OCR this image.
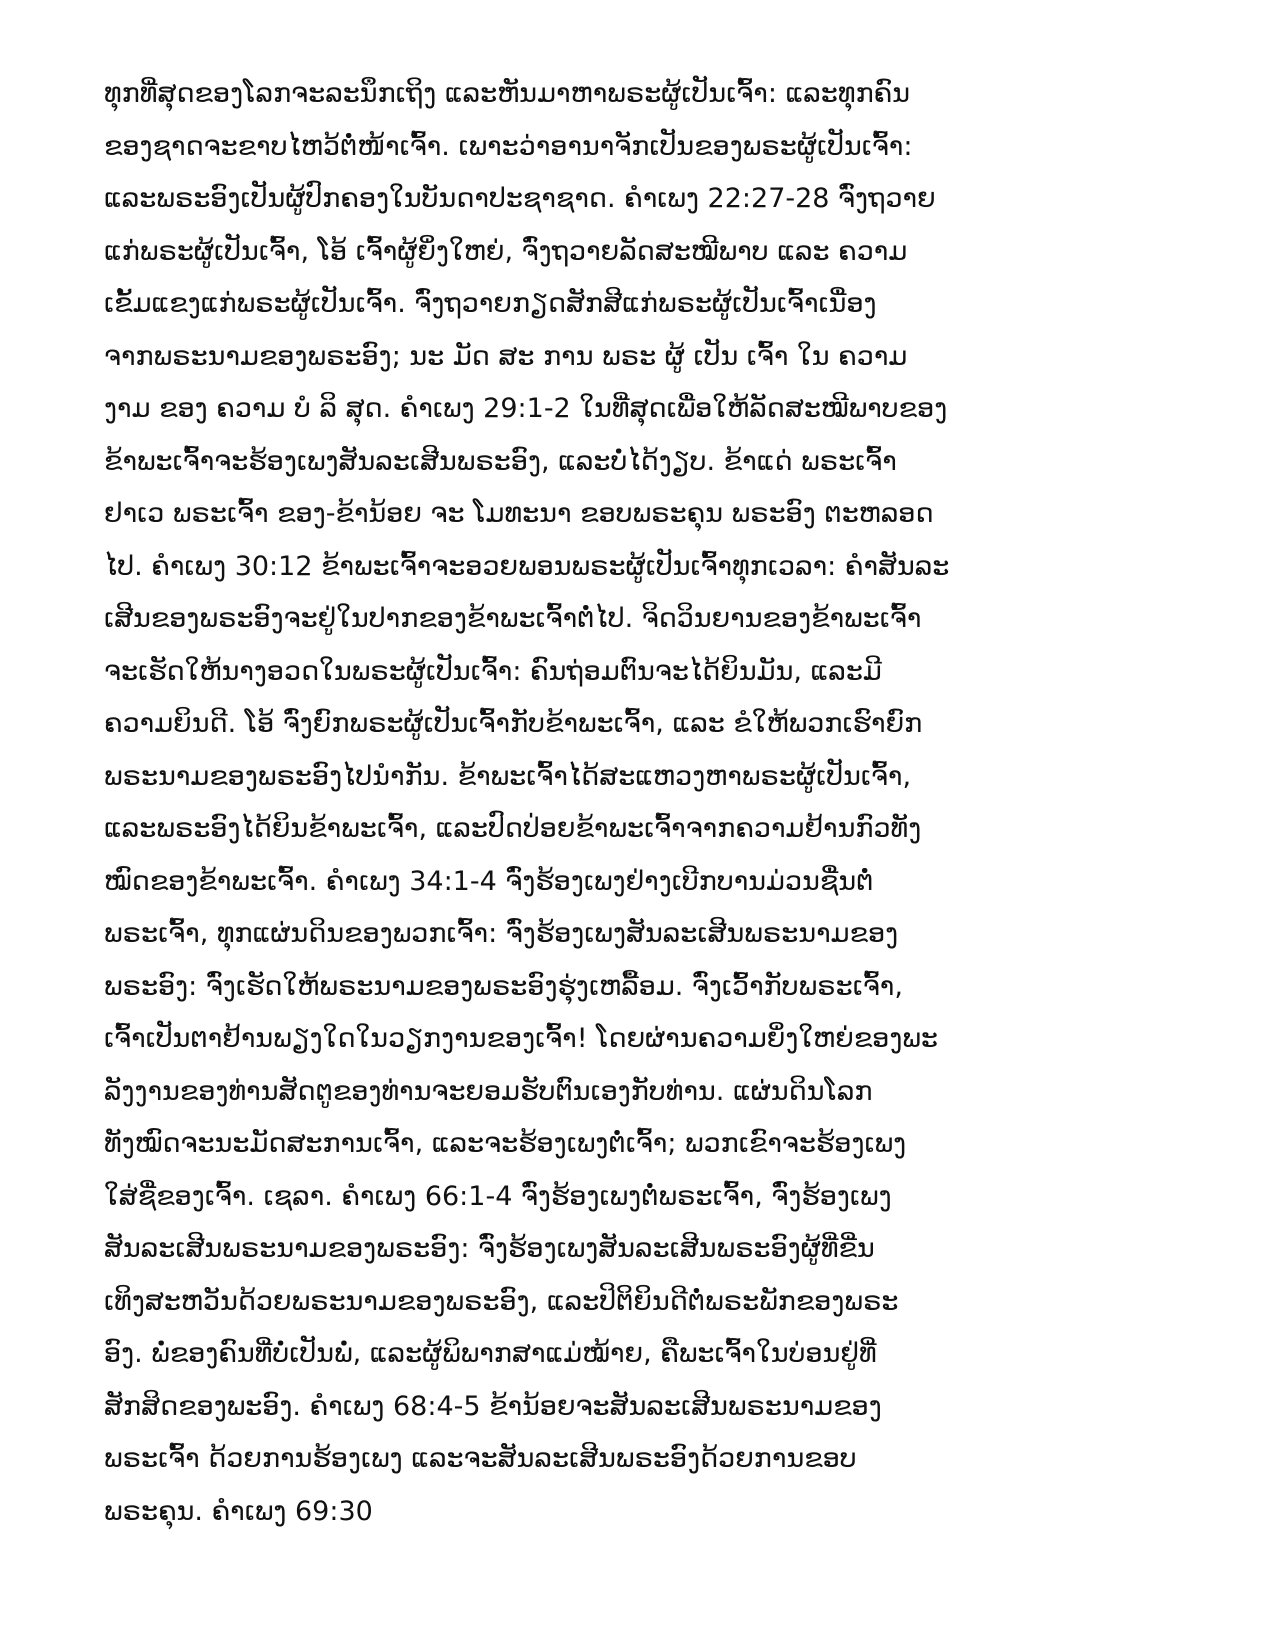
ທຸກທີ່ສຸດຂອງໂລກຈະລະນຶກເຖິງ ແລະຫັນມາຫາພຣະຜູ້ເປັນເຈົ້າ: ແລະທຸກຄົນ
ຂອງຊາດຈະຂາບໄຫວ້ຕໍ່ໜ້າເຈົ້າ. ເພາະວ່າອານາຈັກເປັນຂອງພຣະຜູ້ເປັນເຈົ້າ:
ແລະພຣະອົງເປັນຜູ້ປົກຄອງໃນບັນດາປະຊາຊາດ. ຄຳເພງ 22:27-28 ຈົ່ງຖວາຍ
ແກ່ພຣະຜູ້ເປັນເຈົ້າ, ໂອ້ ເຈົ້າຜູ້ຍິ່ງໃຫຍ່, ຈົ່ງຖວາຍລັດສະໝີພາບ ແລະ ຄວາມ
ເຂັ້ມແຂງແກ່ພຣະຜູ້ເປັນເຈົ້າ. ຈົ່ງຖວາຍກຽດສັກສີແກ່ພຣະຜູ້ເປັນເຈົ້າເນື່ອງ
ຈາກພຣະນາມຂອງພຣະອົງ; ນະ ມັດ ສະ ການ ພຣະ ຜູ້ ເປັນ ເຈົ້າ ໃນ ຄວາມ
ງາມ ຂອງ ຄວາມ ບໍ ລິ ສຸດ. ຄຳເພງ 29:1-2 ໃນທີ່ສຸດເພື່ອໃຫ້ລັດສະໝີພາບຂອງ
ຂ້າພະເຈົ້າຈະຮ້ອງເພງສັນລະເສີນພຣະອົງ, ແລະບໍ່ໄດ້ງຽບ. ຂ້າແດ່ ພຣະເຈົ້າ
ຢາເວ ພຣະເຈົ້າ ຂອງ-ຂ້ານ້ອຍ ຈະ ໂມທະນາ ຂອບພຣະຄຸນ ພຣະອົງ ຕະຫລອດ
ໄປ. ຄຳເພງ 30:12 ຂ້າພະເຈົ້າຈະອວຍພອນພຣະຜູ້ເປັນເຈົ້າທຸກເວລາ: ຄຳສັນລະ
ເສີນຂອງພຣະອົງຈະຢູ່ໃນປາກຂອງຂ້າພະເຈົ້າຕໍ່ໄປ. ຈິດວິນຍານຂອງຂ້າພະເຈົ້າ
ຈະເຮັດໃຫ້ນາງອວດໃນພຣະຜູ້ເປັນເຈົ້າ: ຄົນຖ່ອມຕົນຈະໄດ້ຍິນມັນ, ແລະມີ
ຄວາມຍິນດີ. ໂອ້ ຈົ່ງຍົກພຣະຜູ້ເປັນເຈົ້າກັບຂ້າພະເຈົ້າ, ແລະ ຂໍໃຫ້ພວກເຮົາຍົກ
ພຣະນາມຂອງພຣະອົງໄປນຳກັນ. ຂ້າພະເຈົ້າໄດ້ສະແຫວງຫາພຣະຜູ້ເປັນເຈົ້າ,
ແລະພຣະອົງໄດ້ຍິນຂ້າພະເຈົ້າ, ແລະປົດປ່ອຍຂ້າພະເຈົ້າຈາກຄວາມຢ້ານກົວທັງ
ໝົດຂອງຂ້າພະເຈົ້າ. ຄຳເພງ 34:1-4 ຈົ່ງຮ້ອງເພງຢ່າງເບີກບານມ່ວນຊື່ນຕໍ່
ພຣະເຈົ້າ, ທຸກແຜ່ນດິນຂອງພວກເຈົ້າ: ຈົ່ງຮ້ອງເພງສັນລະເສີນພຣະນາມຂອງ
ພຣະອົງ: ຈົ່ງເຮັດໃຫ້ພຣະນາມຂອງພຣະອົງຮຸ່ງເຫລື້ອມ. ຈົ່ງເວົ້າກັບພຣະເຈົ້າ,
ເຈົ້າເປັນຕາຢ້ານພຽງໃດໃນວຽກງານຂອງເຈົ້າ! ໂດຍຜ່ານຄວາມຍິ່ງໃຫຍ່ຂອງພະ
ລັງງານຂອງທ່ານສັດຕູຂອງທ່ານຈະຍອມຮັບຕົນເອງກັບທ່ານ. ແຜ່ນດິນໂລກ
ທັງໝົດຈະນະມັດສະການເຈົ້າ, ແລະຈະຮ້ອງເພງຕໍ່ເຈົ້າ; ພວກເຂົາຈະຮ້ອງເພງ
ໃສ່ຊື່ຂອງເຈົ້າ. ເຊລາ. ຄຳເພງ 66:1-4 ຈົ່ງຮ້ອງເພງຕໍ່ພຣະເຈົ້າ, ຈົ່ງຮ້ອງເພງ
ສັນລະເສີນພຣະນາມຂອງພຣະອົງ: ຈົ່ງຮ້ອງເພງສັນລະເສີນພຣະອົງຜູ້ທີ່ຂີ່ນ
ເທິງສະຫວັນດ້ວຍພຣະນາມຂອງພຣະອົງ, ແລະປິຕິຍິນດີຕໍ່ພຣະພັກຂອງພຣະ
ອົງ. ພໍ່ຂອງຄົນທີ່ບໍ່ເປັນພໍ່, ແລະຜູ້ພິພາກສາແມ່ໝ້າຍ, ຄືພະເຈົ້າໃນບ່ອນຢູ່ທີ່
ສັກສິດຂອງພະອົງ. ຄຳເພງ 68:4-5 ຂ້ານ້ອຍຈະສັນລະເສີນພຣະນາມຂອງ
ພຣະເຈົ້າ ດ້ວຍການຮ້ອງເພງ ແລະຈະສັນລະເສີນພຣະອົງດ້ວຍການຂອບ
ພຣະຄຸນ. ຄຳເພງ 69:30
